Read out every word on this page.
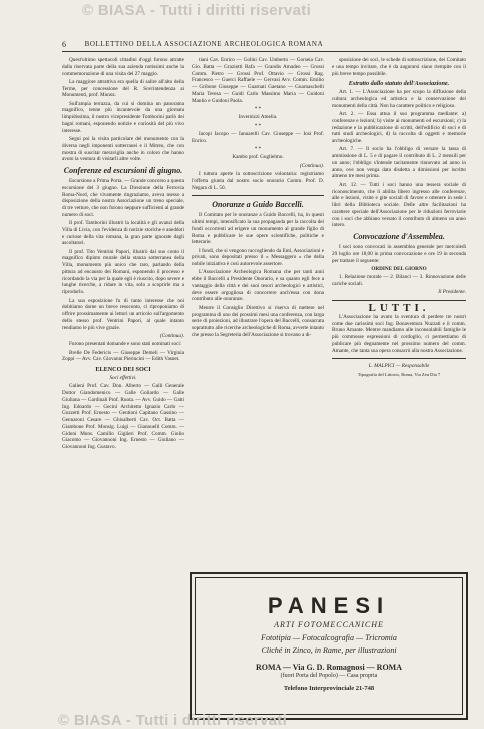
© BIASA - Tutti i diritti riservati
6	BOLLETTINO DELLA ASSOCIAZIONE ARCHEOLOGICA ROMANA

Quest'ultimo spettacoli cittadini d'oggi furono attratte dalla riservata parte della sua azienda notissimi anche la commemorazione di una visita del 27 maggio.

La maggiore attrattiva era quella di salire all'alto della Terme, per concessione del R. Sovrintendenza ai Monumenti, prof. Munoz.

Sull'ampia terrazza, da cui si domina un panorama magnifico, tenne più incantevole da una giornata limpidissima, il nostro vicepresidente Tomborini parlò dei bagni romani, esponendo notizie e curiosità del più vivo interesse.

Segui poi la visita particolare del monumento con la diversa negli imponenti sotterranei e il Mitreo, che con mostra di suscitar meraviglia anche in coloro che hanno avuto la ventura di visitarli altre volte.

Conferenze ed escursioni di giugno.

Escursione a Prima Porta. — Grande concorso a questa escursione del 3 giugno. La Direzione della Ferrovia Roma-Nord, che vivamente ringraziamo, aveva messo a disposizione della nostra Associazione un treno speciale, di tre vetture, che non furono neppure sufficienti al grande numero di soci.

Il prof. Tamborini illustrò la località e gli avanzi della Villa di Livia, con l'evidenza di notizie storiche e aneddoti e curiose della vita romana, la gran parte ignorate dagli ascoltatori.

Il prof. Tito Ventrini Papori, illustrò dal suo conto il magnifico dipinto murale della stanza sotterranea della Villa, monumento più unico che raro, parlando della pittura ad encausto dei Romani, esponendo il processo e ricordando la via per la quale egli è riuscito, dopo severe e lunghe ricerche, a ridare in vita, solo a scoprirle ma a riprodurlo.

La sua esposizione fu di tanto interesse che noi dobbiamo darne un breve resoconto, ci riproponiamo di offrire prossimamente ai lettori un articolo sull'argomento dello stesso prof. Ventrini Papori, al quale intanto rendiamo le più vive grazie.

(Continua).

Furono presentati domande e sono stati nominati soci:

Brelle De Federicis — Giuseppe Demeli — Virginia Zoppi — Avv. Cav. Giovanni Pieriucini — Edith Vasnet.

ELENCO DEI SOCI

Soci effettivi.

Galieni Prof. Cav. Don. Alberto — Galli Generale Dottor Giandomenico — Galle Goliardo — Galle Giuliana — Gardinali Prof. Ruota. — Avv. Guido — Gatti Ing. Edoardo — Gecini Architetto Ignazio Carlo — Gozzetti Prof. Ernesto — Gentioni Capitano Gassino — Gennaroni Cesare — Ghisalberti Cav. Oct. Batta — Giambone Prof. Monsig. Luigi — Giannuelli Comm. — Gidoni Mons. Camillo Giglieri Prof. Comm. Giulio Giacomo — Giovannoni Ing. Ernesto — Giuliano — Giovannoni Ing. Gustavo.

tiani Cav. Enrico — Golini Cav. Umberto — Gorseia Cav. Gio. Batta — Graziotti Rafa — Grandis Amadeo — Grossi Comm. Pietro — Grossi Prof. Ottavio — Grossi Rag. Francesco — Guerci Raffaele — Gervasi Avv. Comm. Emilio — Gribone Giuseppe — Guarnati Gaetano — Guarnaschelli Maria Teresa — Guidi Carlo Massimo Maria — Guidoni Manlio e Guidoni Paola.

* *

Invernizzi Amelia.

* *

Iacopi Iacopo — Ianuarelli Cav. Giuseppe — Iosi Prof. Enrico.

* *

Kambo prof. Guglielmo.

(Continua).

I tuttora aperte la sottoscrizione volontaria: registriamo l'offerta giunta dal nostro socio onorario Comm. Prof. D. Negara di L. 50.

Onoranze a Guido Baccelli.

Il Comitato per le onoranze a Guido Baccelli, ha, in questi ultimi tempi, intensificato la sua propaganda per la raccolta dei fondi occorrenti ad erigere un monumento al grande figlio di Roma e pubblicare le sue opere scientifiche, politiche e letterarie.

I fondi, che si vengono raccogliendo da Enti, Associazioni e privati, sono depositati presso il « Messaggero » che della nobile iniziativa è così autorevole assertore.

L'Associazione Archeologica Romana che per tanti anni ebbe il Baccelli a Presidente Onorario, e sa quanto egli fece a vantaggio della città e dei suoi tesori archeologici e artistici, deve essere orgogliosa di concorrere anch'essa con dona contributo alle onoranze.

Mentre il Consiglio Direttivo si riserva di mettere nel programma di uno dei prossimi mesi una conferenza, con larga serie di proiezioni, ad illustrare l'opera del Baccelli, consacrata soprattutto alle ricerche archeologiche di Roma, avverte intanto che presso la Segreteria dell'Associazione si trovano a di-

sposizione dei soci, le schede di sottoscrizione, dei Comitato e una tempo invitare, che è da augurarsi siano riempite con il più breve tempo possibile.

Estratto dallo statuto dell'Associazione.

Art. 1. — L'Associazione ha per scopo la diffusione della cultura archeologica ed artistica e la conservazione dei monumenti della città. Non ha carattere politico e religioso.

Art. 2. — Essa attua il suo programma mediante: a) conferenze e lezioni; b) visite ai monumenti ed escursioni; c) la redazione e la pubblicazione di scritti, dell'edificio di soci e di tutti studi archeologici, d) la raccolta di oggetti e memorie archeologiche.

Art. 7. — Il socio ha l'obbligo di versare la tassa di ammissione di L. 5 e di pagare il contributo di L. 2 mensili per un anno; l'obbligo s'intende tacitamente rinnovato ad anno in anno, ove non venga data disdetta a dimissioni per iscritto almeno tre mesi prima.

Art. 12. — Tutti i soci hanno una tessera sociale di riconoscimento, che li abilita libero ingresso alle conferenze, alle e lezioni, visite e gite sociali di favore e ottenere in sede i libri della Biblioteca sociale. Delle altre facilitazioni ha carattere speciale dell'Associazione per le riduzioni ferroviarie con i soci che abbiano versato il contributo di almeno un anno intero.

Convocazione d'Assemblea.

I soci sono convocati in assemblea generale per mercoledì 29 luglio ore 18,00 in prima convocazione e ore 19 in seconda per trattare il seguente:

ORDINE DEL GIORNO

1. Relazione morale — 2. Bilanci — 3. Rinnovazione delle cariche sociali.

Il Presidente.

LUTTI.

L'Associazione ha avuto la sventura di perdere tre nostri come due carissimi soci Ing. Bonaventura Nuzzati e il comm. Bruno Amante. Mentre mandiamo alle inconsolabili famiglie le più commosse espressioni di cordoglio, ci permettiamo di publicare più degnamente nel prossimo numero del comm. Amante, che tanta sua opera consacrò alla nostra Associazione.

L. MALPICI — Responsabile

Tipografia del Littorio, Roma, Via Zeu Dia 7

PANESI
ARTI FOTOMECCANICHE
Fototipia — Fotocalcografia — Tricromia
Cliché in Zinco, in Rame, per illustrazioni
ROMA — Via G. D. Romagnosi — ROMA
(fuori Porta del Popolo) — Casa propria
Telefono Interprovinciale 21-748
© BIASA - Tutti i diritti riservati
